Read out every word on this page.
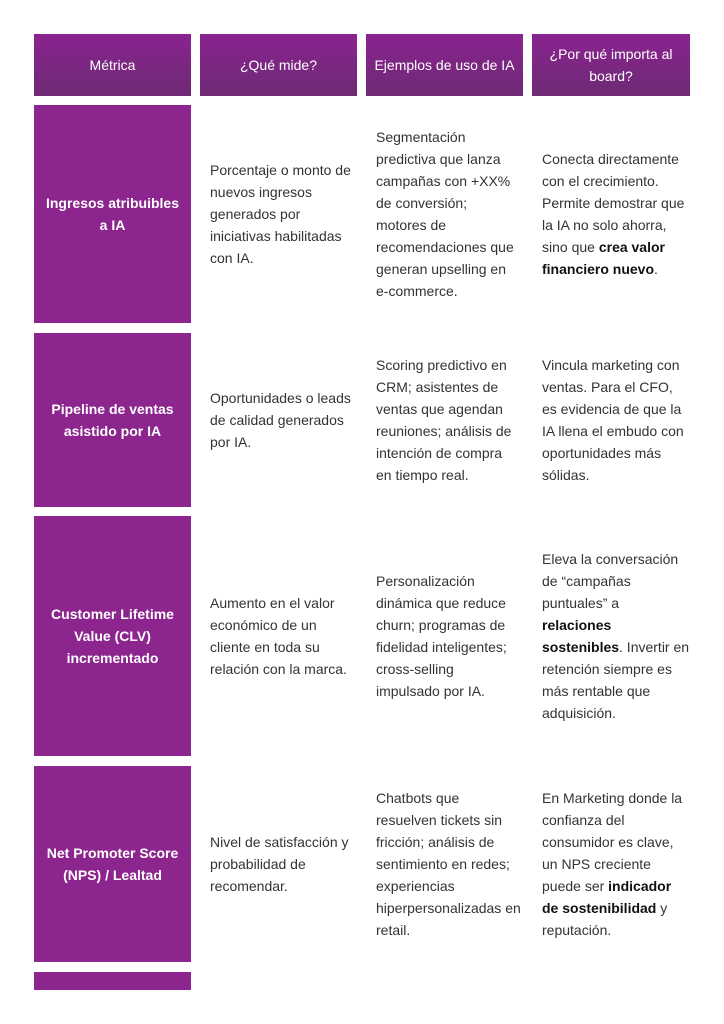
Métrica	¿Qué mide?	Ejemplos de uso de IA
¿Por qué importa al board?
Ingresos atribuibles a IA
Porcentaje o monto de nuevos ingresos generados por iniciativas habilitadas con IA.
Segmentación predictiva que lanza campañas con +XX% de conversión; motores de recomendaciones que generan upselling en e-commerce.
Conecta directamente con el crecimiento. Permite demostrar que la IA no solo ahorra, sino que crea valor financiero nuevo.
Pipeline de ventas asistido por IA
Oportunidades o leads de calidad generados por IA.
Scoring predictivo en CRM; asistentes de ventas que agendan reuniones; análisis de intención de compra en tiempo real.
Vincula marketing con ventas. Para el CFO, es evidencia de que la IA llena el embudo con oportunidades más sólidas.
Customer Lifetime Value (CLV) incrementado
Aumento en el valor económico de un cliente en toda su relación con la marca.
Personalización dinámica que reduce churn; programas de fidelidad inteligentes; cross-selling impulsado por IA.
Eleva la conversación de “campañas puntuales” a relaciones sostenibles. Invertir en retención siempre es más rentable que adquisición.
Net Promoter Score (NPS) / Lealtad
Nivel de satisfacción y probabilidad de recomendar.
Chatbots que resuelven tickets sin fricción; análisis de sentimiento en redes; experiencias hiperpersonalizadas en retail.
En Marketing donde la confianza del consumidor es clave, un NPS creciente puede ser indicador de sostenibilidad y reputación.
